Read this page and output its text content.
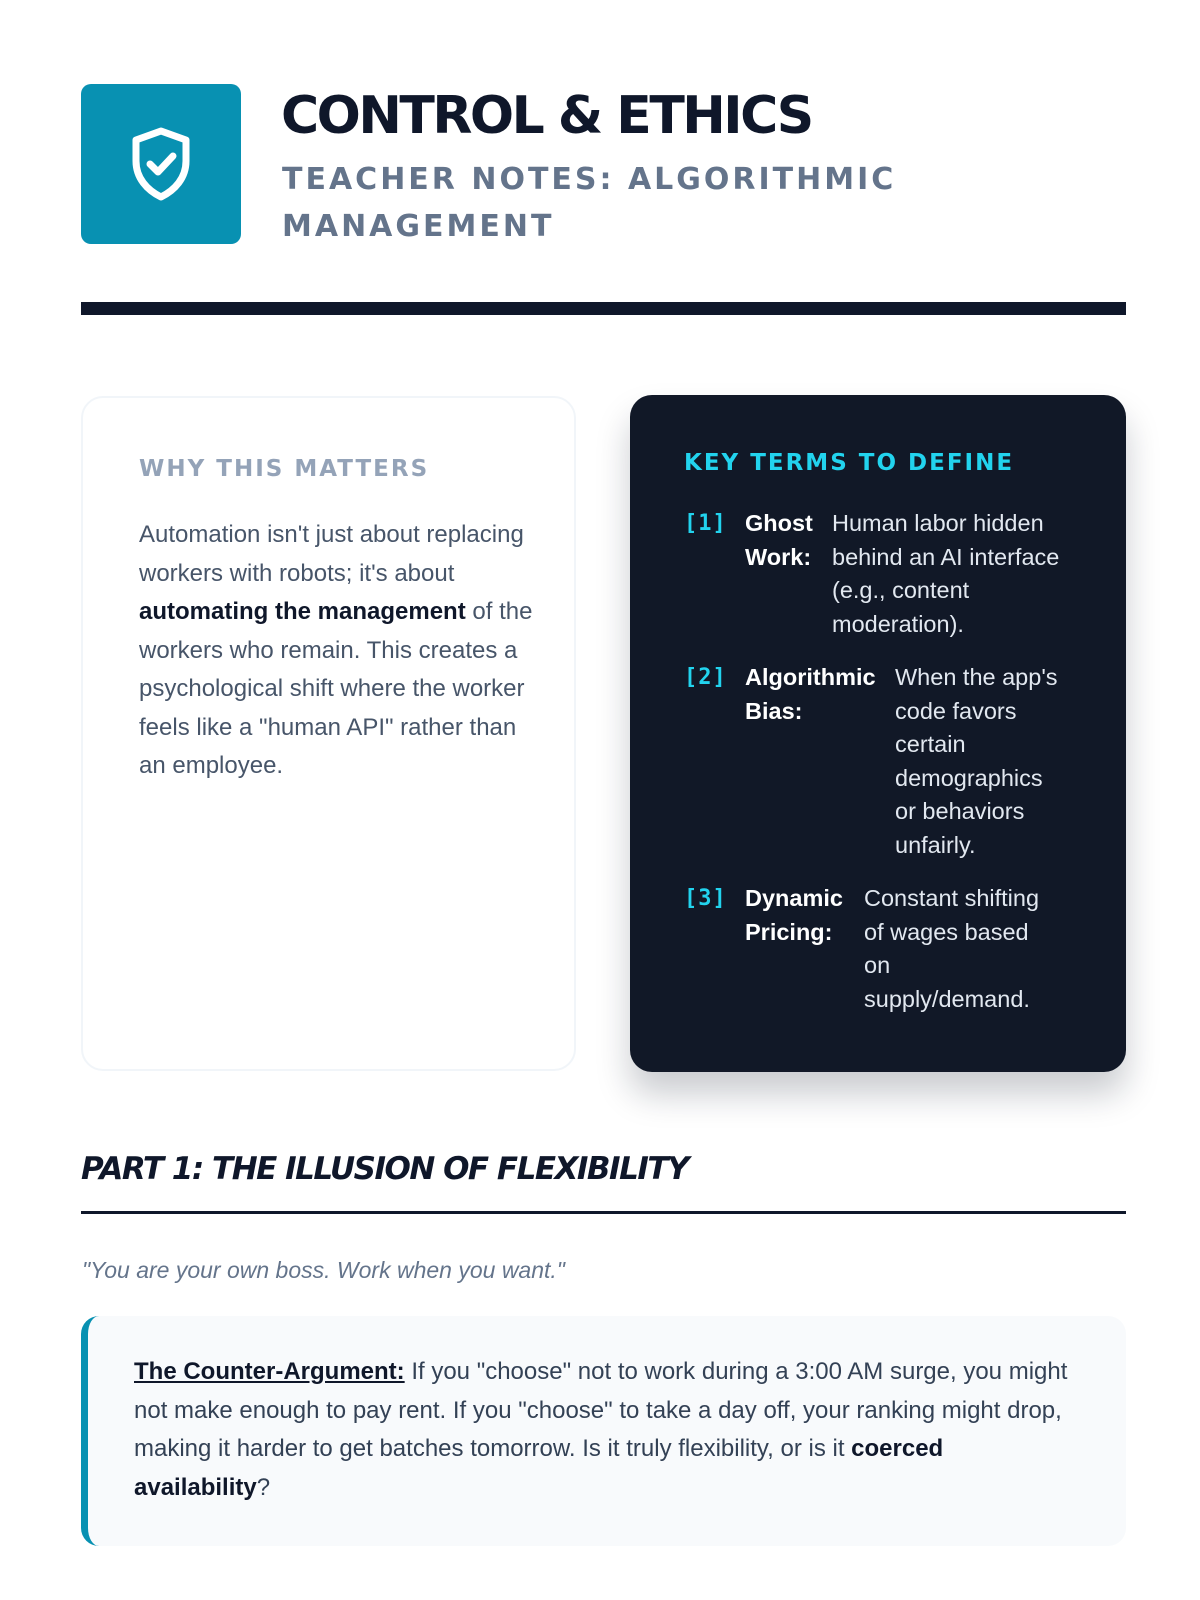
CONTROL & ETHICS
TEACHER NOTES: ALGORITHMIC MANAGEMENT
WHY THIS MATTERS

Automation isn't just about replacing workers with robots; it's about automating the management of the workers who remain. This creates a psychological shift where the worker feels like a "human API" rather than an employee.

KEY TERMS TO DEFINE
[1] Ghost Work:
Human labor hidden behind an AI interface (e.g., content moderation).
[2] Algorithmic Bias:
When the app's code favors certain demographics or behaviors unfairly.
[3] Dynamic Pricing:
Constant shifting of wages based on supply/demand.
PART 1: THE ILLUSION OF FLEXIBILITY

"You are your own boss. Work when you want."

The Counter-Argument: If you "choose" not to work during a 3:00 AM surge, you might not make enough to pay rent. If you "choose" to take a day off, your ranking might drop, making it harder to get batches tomorrow. Is it truly flexibility, or is it coerced availability?
